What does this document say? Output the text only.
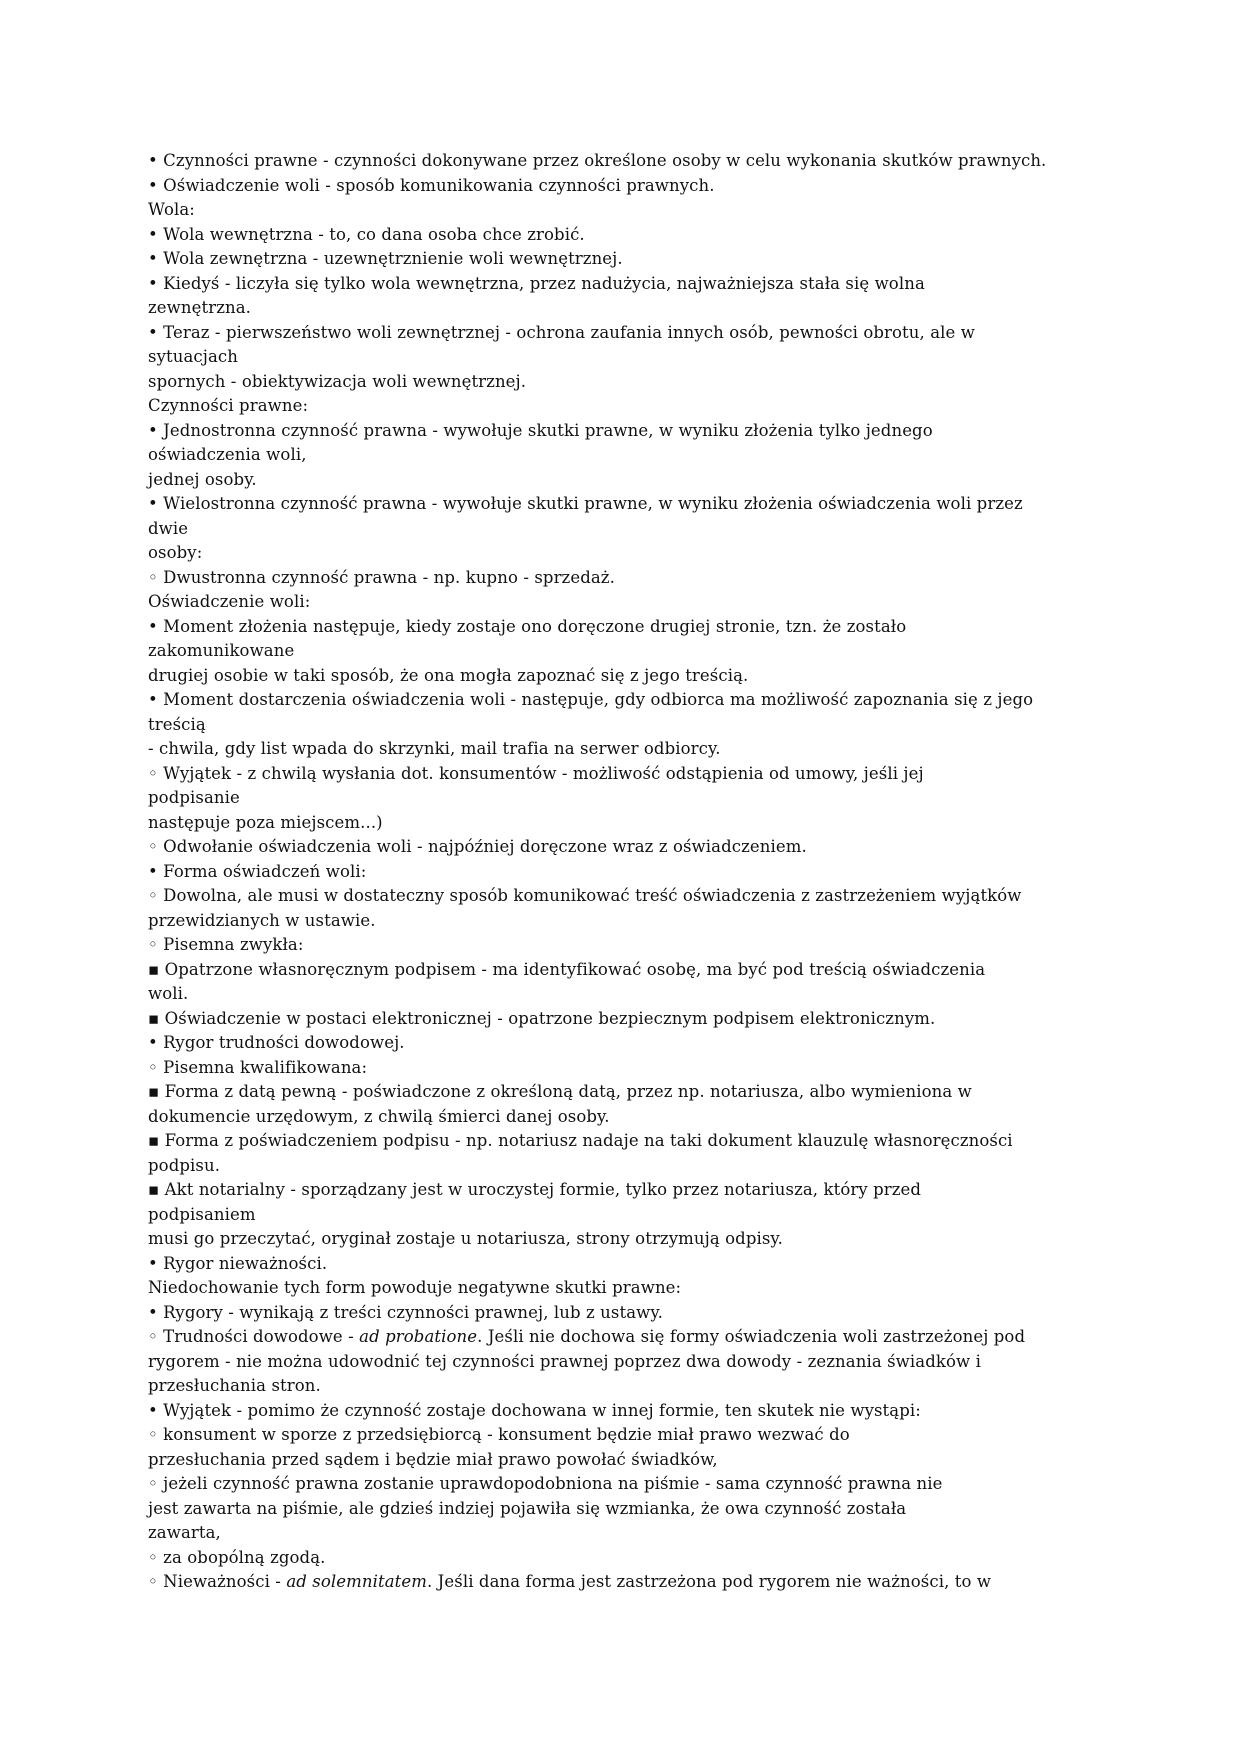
• Czynności prawne - czynności dokonywane przez określone osoby w celu wykonania skutków prawnych.
• Oświadczenie woli - sposób komunikowania czynności prawnych.
Wola:
• Wola wewnętrzna - to, co dana osoba chce zrobić.
• Wola zewnętrzna - uzewnętrznienie woli wewnętrznej.
• Kiedyś - liczyła się tylko wola wewnętrzna, przez nadużycia, najważniejsza stała się wolna
zewnętrzna.
• Teraz - pierwszeństwo woli zewnętrznej - ochrona zaufania innych osób, pewności obrotu, ale w
sytuacjach
spornych - obiektywizacja woli wewnętrznej.
Czynności prawne:
• Jednostronna czynność prawna - wywołuje skutki prawne, w wyniku złożenia tylko jednego
oświadczenia woli,
jednej osoby.
• Wielostronna czynność prawna - wywołuje skutki prawne, w wyniku złożenia oświadczenia woli przez
dwie
osoby:
◦ Dwustronna czynność prawna - np. kupno - sprzedaż.
Oświadczenie woli:
• Moment złożenia następuje, kiedy zostaje ono doręczone drugiej stronie, tzn. że zostało
zakomunikowane
drugiej osobie w taki sposób, że ona mogła zapoznać się z jego treścią.
• Moment dostarczenia oświadczenia woli - następuje, gdy odbiorca ma możliwość zapoznania się z jego
treścią
- chwila, gdy list wpada do skrzynki, mail trafia na serwer odbiorcy.
◦ Wyjątek - z chwilą wysłania dot. konsumentów - możliwość odstąpienia od umowy, jeśli jej
podpisanie
następuje poza miejscem...)
◦ Odwołanie oświadczenia woli - najpóźniej doręczone wraz z oświadczeniem.
• Forma oświadczeń woli:
◦ Dowolna, ale musi w dostateczny sposób komunikować treść oświadczenia z zastrzeżeniem wyjątków
przewidzianych w ustawie.
◦ Pisemna zwykła:
▪ Opatrzone własnoręcznym podpisem - ma identyfikować osobę, ma być pod treścią oświadczenia
woli.
▪ Oświadczenie w postaci elektronicznej - opatrzone bezpiecznym podpisem elektronicznym.
• Rygor trudności dowodowej.
◦ Pisemna kwalifikowana:
▪ Forma z datą pewną - poświadczone z określoną datą, przez np. notariusza, albo wymieniona w
dokumencie urzędowym, z chwilą śmierci danej osoby.
▪ Forma z poświadczeniem podpisu - np. notariusz nadaje na taki dokument klauzulę własnoręczności
podpisu.
▪ Akt notarialny - sporządzany jest w uroczystej formie, tylko przez notariusza, który przed
podpisaniem
musi go przeczytać, oryginał zostaje u notariusza, strony otrzymują odpisy.
• Rygor nieważności.
Niedochowanie tych form powoduje negatywne skutki prawne:
• Rygory - wynikają z treści czynności prawnej, lub z ustawy.
◦ Trudności dowodowe - ad probatione. Jeśli nie dochowa się formy oświadczenia woli zastrzeżonej pod
rygorem - nie można udowodnić tej czynności prawnej poprzez dwa dowody - zeznania świadków i
przesłuchania stron.
• Wyjątek - pomimo że czynność zostaje dochowana w innej formie, ten skutek nie wystąpi:
◦ konsument w sporze z przedsiębiorcą - konsument będzie miał prawo wezwać do
przesłuchania przed sądem i będzie miał prawo powołać świadków,
◦ jeżeli czynność prawna zostanie uprawdopodobniona na piśmie - sama czynność prawna nie
jest zawarta na piśmie, ale gdzieś indziej pojawiła się wzmianka, że owa czynność została
zawarta,
◦ za obopólną zgodą.
◦ Nieważności - ad solemnitatem. Jeśli dana forma jest zastrzeżona pod rygorem nie ważności, to w
